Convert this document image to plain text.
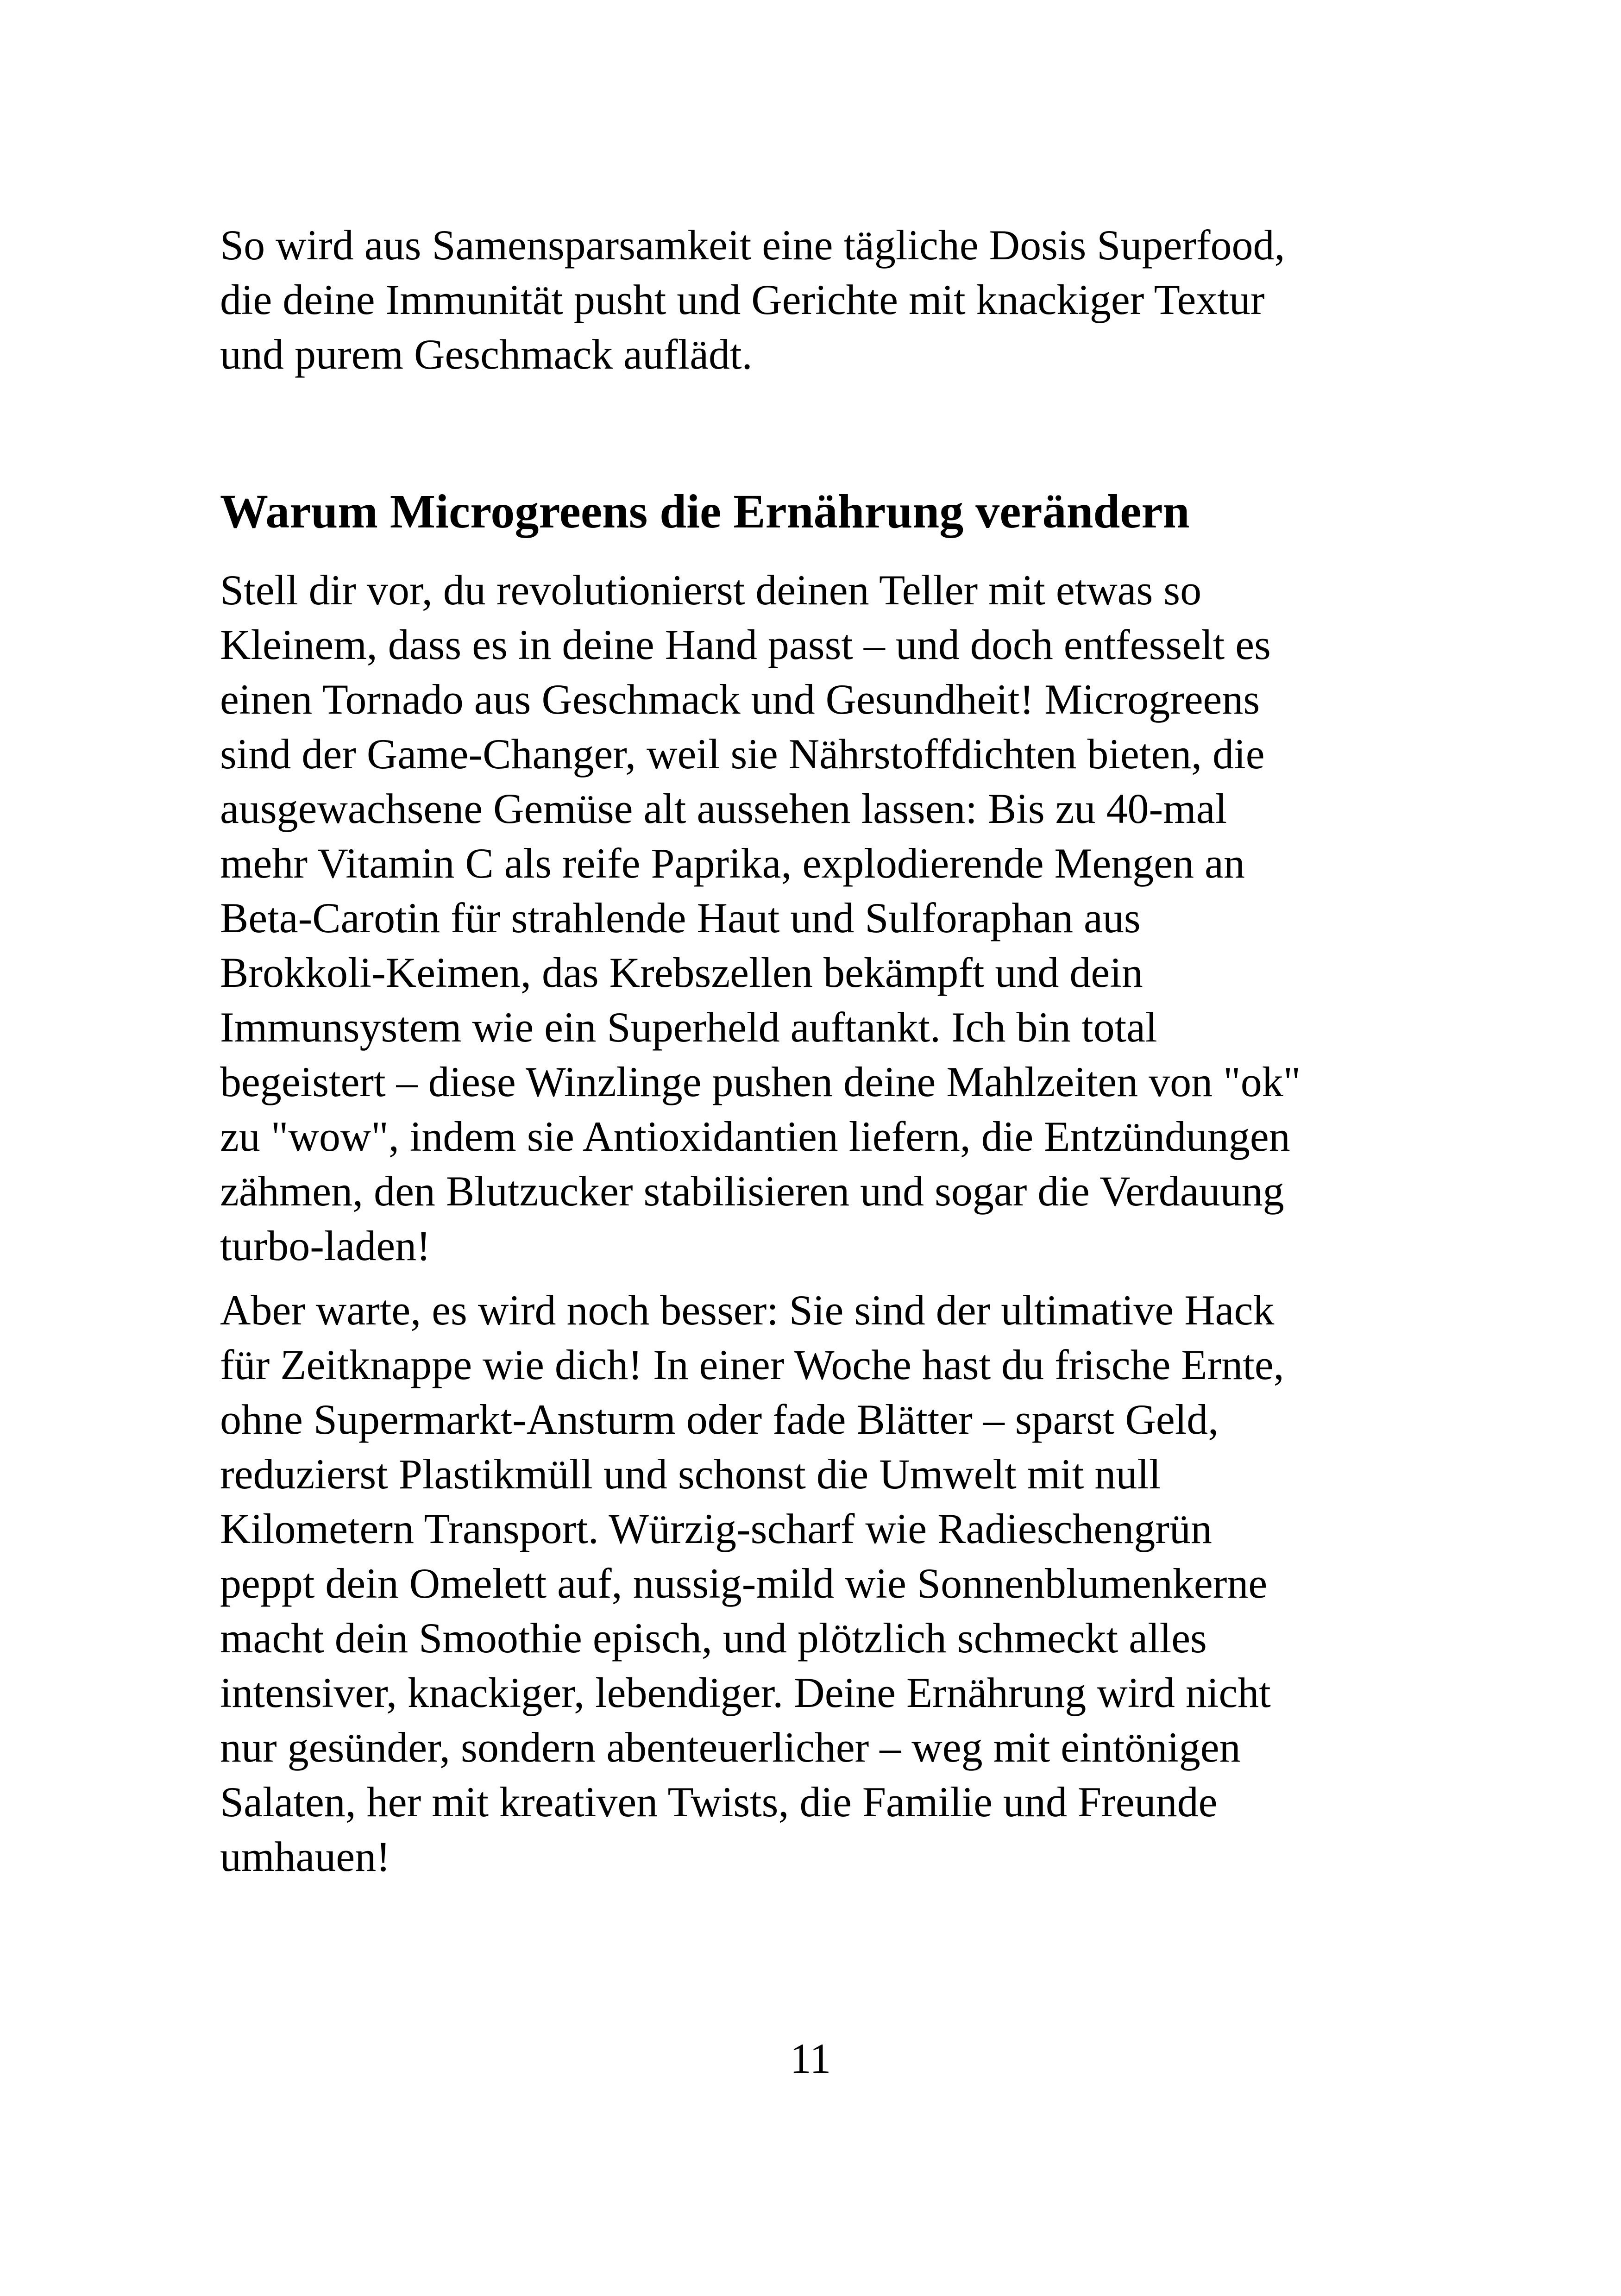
So wird aus Samensparsamkeit eine tägliche Dosis Superfood,
die deine Immunität pusht und Gerichte mit knackiger Textur
und purem Geschmack auflädt.

Warum Microgreens die Ernährung verändern

Stell dir vor, du revolutionierst deinen Teller mit etwas so
Kleinem, dass es in deine Hand passt – und doch entfesselt es
einen Tornado aus Geschmack und Gesundheit! Microgreens
sind der Game-Changer, weil sie Nährstoffdichten bieten, die
ausgewachsene Gemüse alt aussehen lassen: Bis zu 40-mal
mehr Vitamin C als reife Paprika, explodierende Mengen an
Beta-Carotin für strahlende Haut und Sulforaphan aus
Brokkoli-Keimen, das Krebszellen bekämpft und dein
Immunsystem wie ein Superheld auftankt. Ich bin total
begeistert – diese Winzlinge pushen deine Mahlzeiten von "ok"
zu "wow", indem sie Antioxidantien liefern, die Entzündungen
zähmen, den Blutzucker stabilisieren und sogar die Verdauung
turbo-laden!

Aber warte, es wird noch besser: Sie sind der ultimative Hack
für Zeitknappe wie dich! In einer Woche hast du frische Ernte,
ohne Supermarkt-Ansturm oder fade Blätter – sparst Geld,
reduzierst Plastikmüll und schonst die Umwelt mit null
Kilometern Transport. Würzig-scharf wie Radieschengrün
peppt dein Omelett auf, nussig-mild wie Sonnenblumenkerne
macht dein Smoothie episch, und plötzlich schmeckt alles
intensiver, knackiger, lebendiger. Deine Ernährung wird nicht
nur gesünder, sondern abenteuerlicher – weg mit eintönigen
Salaten, her mit kreativen Twists, die Familie und Freunde
umhauen!

11
